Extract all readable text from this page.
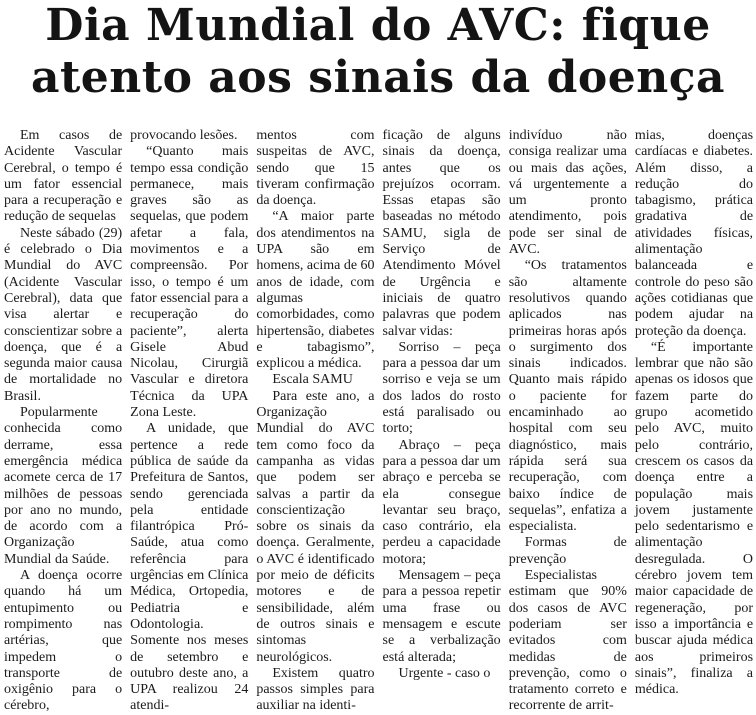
Dia Mundial do AVC: fique
atento aos sinais da doença

Em casos de Acidente Vascular Cerebral, o tempo é um fator essencial para a recuperação e redução de sequelas

Neste sábado (29) é celebrado o Dia Mundial do AVC (Acidente Vascular Cerebral), data que visa alertar e conscientizar sobre a doença, que é a segunda maior causa de mortalidade no Brasil.

Popularmente conhecida como derrame, essa emergência médica acomete cerca de 17 milhões de pessoas por ano no mundo, de acordo com a Organização Mundial da Saúde.

A doença ocorre quando há um entupimento ou rompimento nas artérias, que impedem o transporte de oxigênio para o cérebro,

provocando lesões.

“Quanto mais tempo essa condição permanece, mais graves são as sequelas, que podem afetar a fala, movimentos e a compreensão. Por isso, o tempo é um fator essencial para a recuperação do paciente”, alerta Gisele Abud Nicolau, Cirurgiã Vascular e diretora Técnica da UPA Zona Leste.

A unidade, que pertence a rede pública de saúde da Prefeitura de Santos, sendo gerenciada pela entidade filantrópica Pró-Saúde, atua como referência para urgências em Clínica Médica, Ortopedia, Pediatria e Odontologia. Somente nos meses de setembro e outubro deste ano, a UPA realizou 24 atendi-

mentos com suspeitas de AVC, sendo que 15 tiveram confirmação da doença.

“A maior parte dos atendimentos na UPA são em homens, acima de 60 anos de idade, com algumas comorbidades, como hipertensão, diabetes e tabagismo”, explicou a médica.

Escala SAMU

Para este ano, a Organização Mundial do AVC tem como foco da campanha as vidas que podem ser salvas a partir da conscientização sobre os sinais da doença. Geralmente, o AVC é identificado por meio de déficits motores e de sensibilidade, além de outros sinais e sintomas neurológicos.

Existem quatro passos simples para auxiliar na identi-

ficação de alguns sinais da doença, antes que os prejuízos ocorram. Essas etapas são baseadas no método SAMU, sigla de Serviço de Atendimento Móvel de Urgência e iniciais de quatro palavras que podem salvar vidas:

Sorriso – peça para a pessoa dar um sorriso e veja se um dos lados do rosto está paralisado ou torto;

Abraço – peça para a pessoa dar um abraço e perceba se ela consegue levantar seu braço, caso contrário, ela perdeu a capacidade motora;

Mensagem – peça para a pessoa repetir uma frase ou mensagem e escute se a verbalização está alterada;

Urgente - caso o

indivíduo não consiga realizar uma ou mais das ações, vá urgentemente a um pronto atendimento, pois pode ser sinal de AVC.

“Os tratamentos são altamente resolutivos quando aplicados nas primeiras horas após o surgimento dos sinais indicados. Quanto mais rápido o paciente for encaminhado ao hospital com seu diagnóstico, mais rápida será sua recuperação, com baixo índice de sequelas”, enfatiza a especialista.

Formas de prevenção

Especialistas estimam que 90% dos casos de AVC poderiam ser evitados com medidas de prevenção, como o tratamento correto e recorrente de arrit-

mias, doenças cardíacas e diabetes. Além disso, a redução do tabagismo, prática gradativa de atividades físicas, alimentação balanceada e controle do peso são ações cotidianas que podem ajudar na proteção da doença.

“É importante lembrar que não são apenas os idosos que fazem parte do grupo acometido pelo AVC, muito pelo contrário, crescem os casos da doença entre a população mais jovem justamente pelo sedentarismo e alimentação desregulada. O cérebro jovem tem maior capacidade de regeneração, por isso a importância e buscar ajuda médica aos primeiros sinais”, finaliza a médica.
